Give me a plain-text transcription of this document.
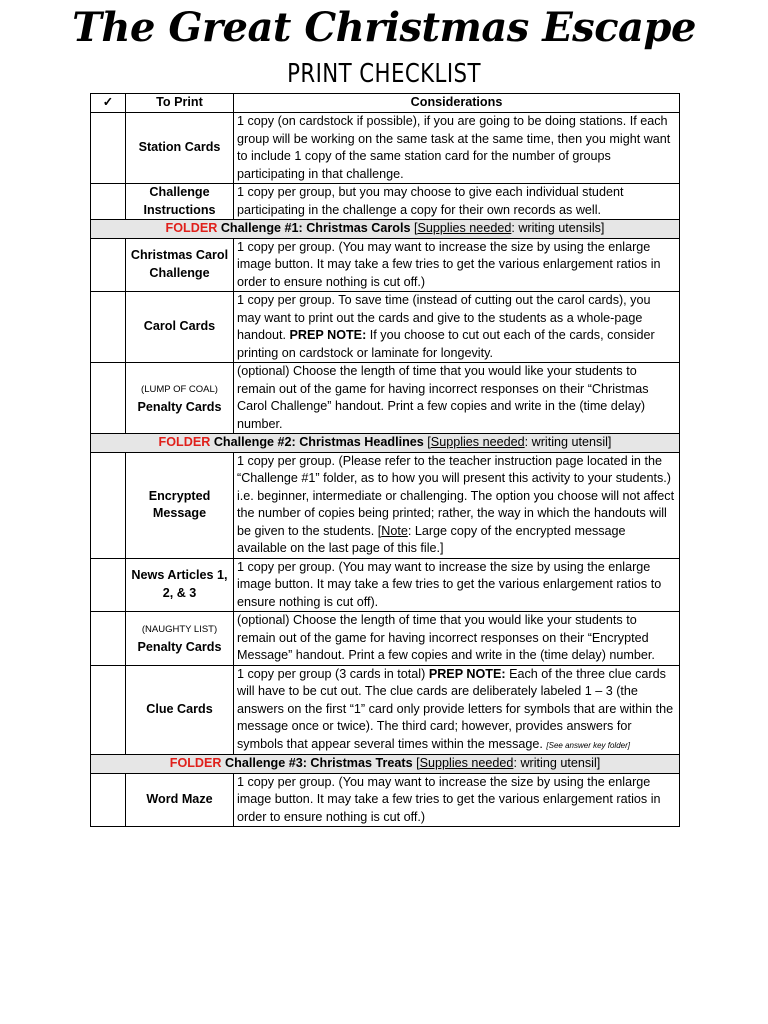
The Great Christmas Escape
PRINT CHECKLIST
✓	To Print	Considerations
	Station Cards	1 copy (on cardstock if possible), if you are going to be doing stations. If each group will be working on the same task at the same time, then you might want to include 1 copy of the same station card for the number of groups participating in that challenge.
	Challenge Instructions	1 copy per group, but you may choose to give each individual student participating in the challenge a copy for their own records as well.
FOLDER Challenge #1: Christmas Carols [Supplies needed: writing utensils]		
	Christmas Carol Challenge	1 copy per group. (You may want to increase the size by using the enlarge image button. It may take a few tries to get the various enlargement ratios in order to ensure nothing is cut off.)
	Carol Cards	1 copy per group. To save time (instead of cutting out the carol cards), you may want to print out the cards and give to the students as a whole-page handout. PREP NOTE: If you choose to cut out each of the cards, consider printing on cardstock or laminate for longevity.
	(LUMP OF COAL)
Penalty Cards	(optional) Choose the length of time that you would like your students to remain out of the game for having incorrect responses on their “Christmas Carol Challenge” handout. Print a few copies and write in the (time delay) number.
FOLDER Challenge #2: Christmas Headlines [Supplies needed: writing utensil]		
	Encrypted Message	1 copy per group. (Please refer to the teacher instruction page located in the “Challenge #1” folder, as to how you will present this activity to your students.) i.e. beginner, intermediate or challenging. The option you choose will not affect the number of copies being printed; rather, the way in which the handouts will be given to the students. [Note: Large copy of the encrypted message available on the last page of this file.]
	News Articles 1, 2, & 3	1 copy per group. (You may want to increase the size by using the enlarge image button. It may take a few tries to get the various enlargement ratios to ensure nothing is cut off).
	(NAUGHTY LIST)
Penalty Cards	(optional) Choose the length of time that you would like your students to remain out of the game for having incorrect responses on their “Encrypted Message” handout. Print a few copies and write in the (time delay) number.
	Clue Cards	1 copy per group (3 cards in total) PREP NOTE: Each of the three clue cards will have to be cut out. The clue cards are deliberately labeled 1 – 3 (the answers on the first “1” card only provide letters for symbols that are within the message once or twice). The third card; however, provides answers for symbols that appear several times within the message. [See answer key folder]
FOLDER Challenge #3: Christmas Treats [Supplies needed: writing utensil]		
	Word Maze	1 copy per group. (You may want to increase the size by using the enlarge image button. It may take a few tries to get the various enlargement ratios in order to ensure nothing is cut off.)
